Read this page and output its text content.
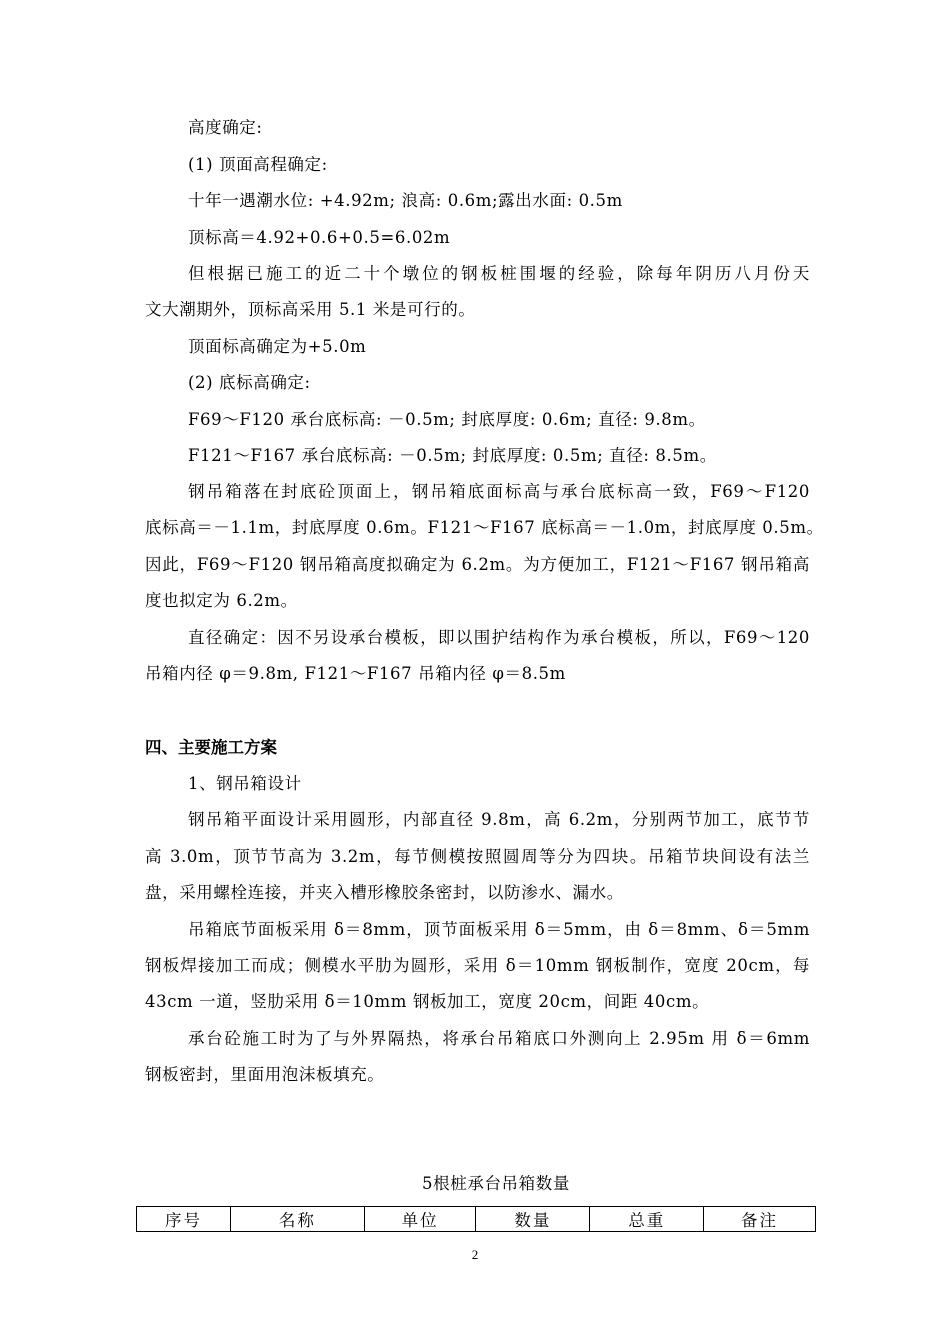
高度确定:
(1) 顶面高程确定:
十年一遇潮水位: +4.92m; 浪高: 0.6m;露出水面: 0.5m
顶标高＝4.92+0.6+0.5=6.02m
但根据已施工的近二十个墩位的钢板桩围堰的经验，除每年阴历八月份天
文大潮期外，顶标高采用 5.1 米是可行的。
顶面标高确定为+5.0m
(2) 底标高确定:
F69～F120 承台底标高: －0.5m; 封底厚度: 0.6m; 直径: 9.8m。
F121～F167 承台底标高: －0.5m; 封底厚度: 0.5m; 直径: 8.5m。
钢吊箱落在封底砼顶面上，钢吊箱底面标高与承台底标高一致，F69～F120
底标高＝－1.1m，封底厚度 0.6m。F121～F167 底标高＝－1.0m，封底厚度 0.5m。
因此，F69～F120 钢吊箱高度拟确定为 6.2m。为方便加工，F121～F167 钢吊箱高
度也拟定为 6.2m。
直径确定：因不另设承台模板，即以围护结构作为承台模板，所以，F69～120
吊箱内径 φ＝9.8m, F121～F167 吊箱内径 φ＝8.5m
四、主要施工方案
1、钢吊箱设计
钢吊箱平面设计采用圆形，内部直径 9.8m，高 6.2m，分别两节加工，底节节
高 3.0m，顶节节高为 3.2m，每节侧模按照圆周等分为四块。吊箱节块间设有法兰
盘，采用螺栓连接，并夹入槽形橡胶条密封，以防渗水、漏水。
吊箱底节面板采用 δ＝8mm，顶节面板采用 δ＝5mm，由 δ＝8mm、δ＝5mm
钢板焊接加工而成；侧模水平肋为圆形，采用 δ＝10mm 钢板制作，宽度 20cm，每
43cm 一道，竖肋采用 δ＝10mm 钢板加工，宽度 20cm，间距 40cm。
承台砼施工时为了与外界隔热，将承台吊箱底口外测向上 2.95m 用 δ＝6mm
钢板密封，里面用泡沫板填充。
5根桩承台吊箱数量
序号	名称	单位	数量	总重	备注
2
